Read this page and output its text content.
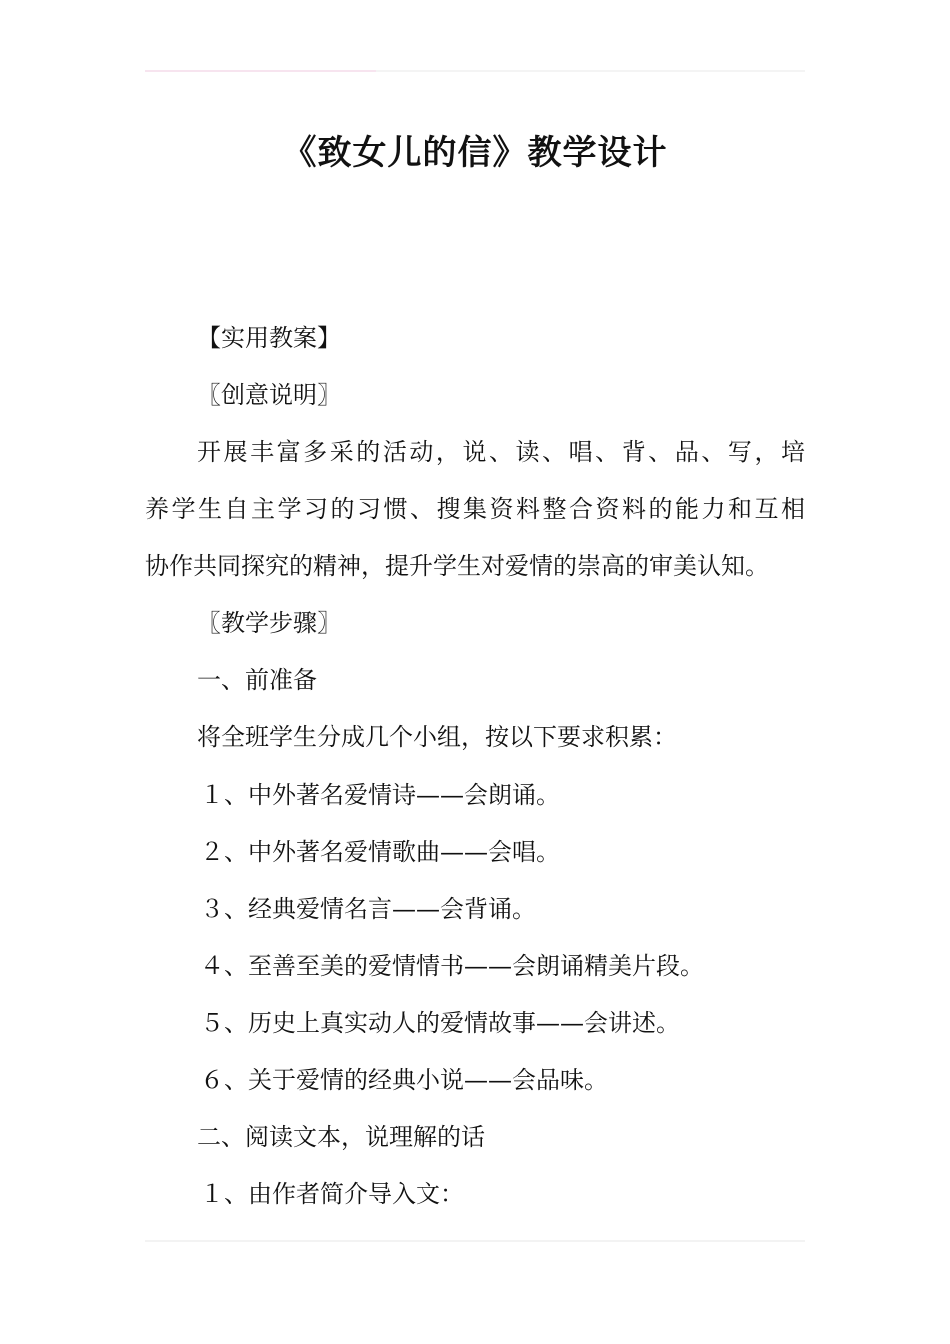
《致女儿的信》教学设计

【实用教案】

〖创意说明〗

开展丰富多采的活动，说、读、唱、背、品、写，培

养学生自主学习的习惯、搜集资料整合资料的能力和互相

协作共同探究的精神，提升学生对爱情的崇高的审美认知。

〖教学步骤〗

一、前准备

将全班学生分成几个小组，按以下要求积累：

１、中外著名爱情诗——会朗诵。

２、中外著名爱情歌曲——会唱。

３、经典爱情名言——会背诵。

４、至善至美的爱情情书——会朗诵精美片段。

５、历史上真实动人的爱情故事——会讲述。

６、关于爱情的经典小说——会品味。

二、阅读文本，说理解的话

１、由作者简介导入文：
